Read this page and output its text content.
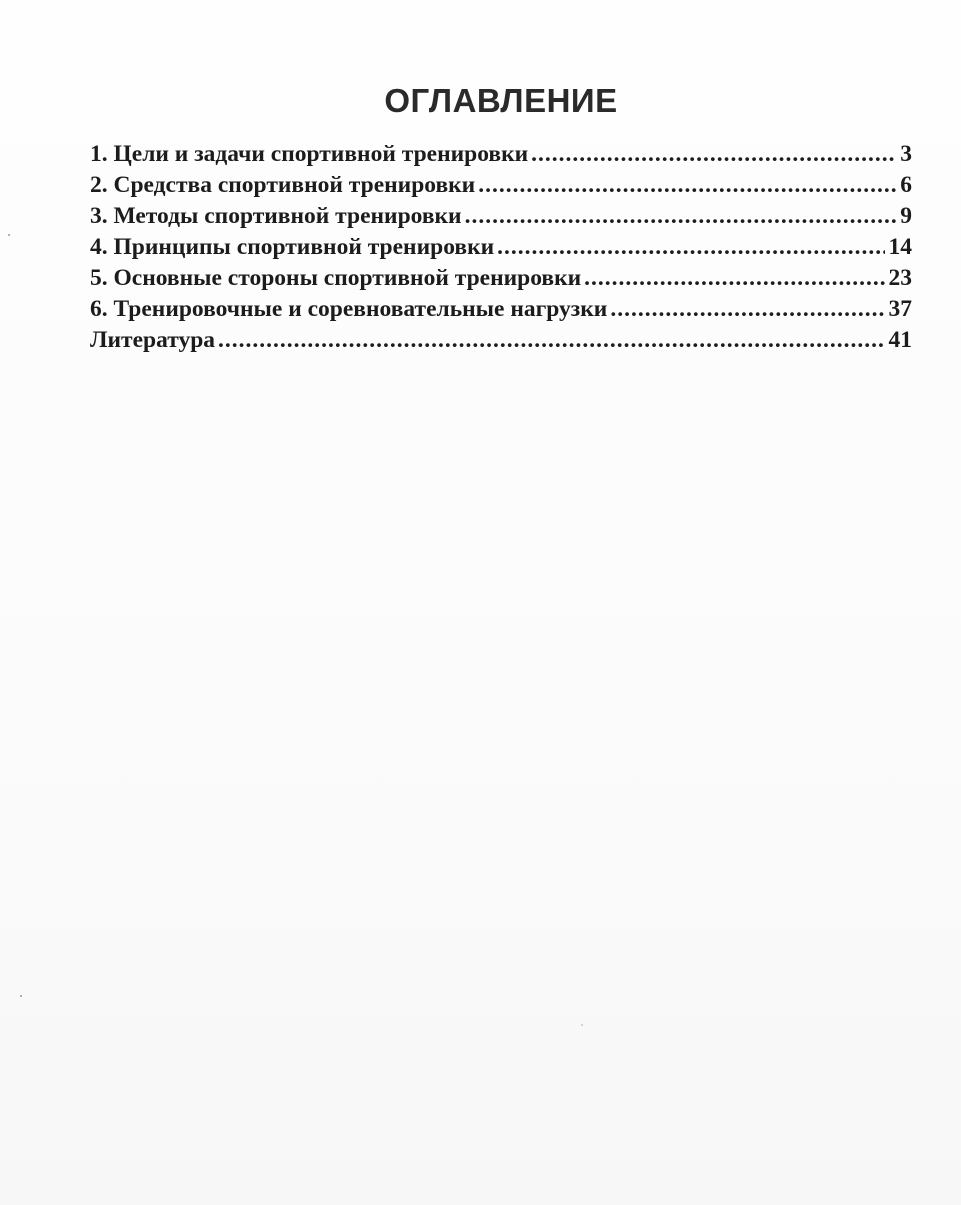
ОГЛАВЛЕНИЕ
1. Цели и задачи спортивной тренировки .....	3
2. Средства спортивной тренировки .....	6
3. Методы спортивной тренировки .....	9
4. Принципы спортивной тренировки .....	14
5. Основные стороны спортивной тренировки .....	23
6. Тренировочные и соревновательные нагрузки .....	37
Литература .....	41
